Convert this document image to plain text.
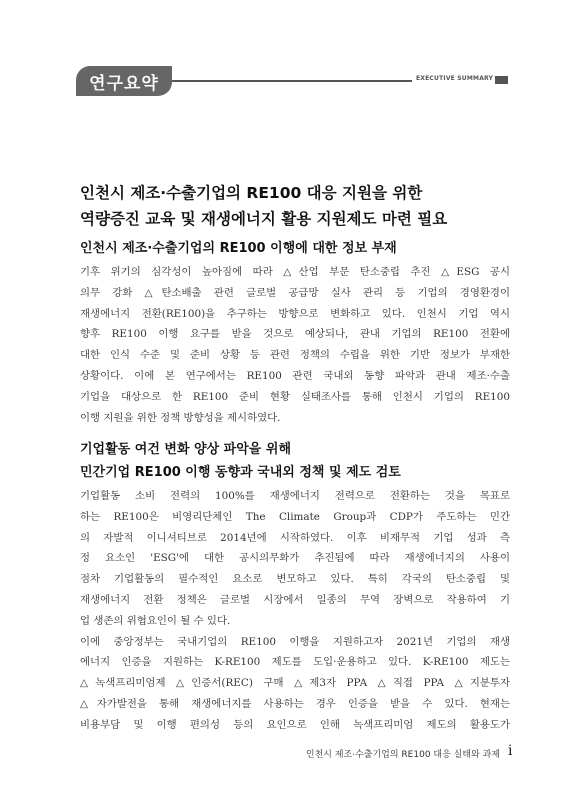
연구요약	EXECUTIVE SUMMARY
인천시 제조·수출기업의 RE100 대응 지원을 위한
역량증진 교육 및 재생에너지 활용 지원제도 마련 필요
인천시 제조·수출기업의 RE100 이행에 대한 정보 부재
기후 위기의 심각성이 높아짐에 따라 △산업 부문 탄소중립 추진 △ESG 공시
의무 강화 △탄소배출 관련 글로벌 공급망 실사 관리 등 기업의 경영환경이
재생에너지 전환(RE100)을 추구하는 방향으로 변화하고 있다. 인천시 기업 역시
향후 RE100 이행 요구를 받을 것으로 예상되나, 관내 기업의 RE100 전환에
대한 인식 수준 및 준비 상황 등 관련 정책의 수립을 위한 기반 정보가 부재한
상황이다. 이에 본 연구에서는 RE100 관련 국내외 동향 파악과 관내 제조·수출
기업을 대상으로 한 RE100 준비 현황 실태조사를 통해 인천시 기업의 RE100
이행 지원을 위한 정책 방향성을 제시하였다.
기업활동 여건 변화 양상 파악을 위해
민간기업 RE100 이행 동향과 국내외 정책 및 제도 검토
기업활동 소비 전력의 100%를 재생에너지 전력으로 전환하는 것을 목표로
하는 RE100은 비영리단체인 The Climate Group과 CDP가 주도하는 민간
의 자발적 이니셔티브로 2014년에 시작하였다. 이후 비재무적 기업 성과 측
정 요소인 'ESG'에 대한 공시의무화가 추진됨에 따라 재생에너지의 사용이
점차 기업활동의 필수적인 요소로 변모하고 있다. 특히 각국의 탄소중립 및
재생에너지 전환 정책은 글로벌 시장에서 일종의 무역 장벽으로 작용하여 기
업 생존의 위협요인이 될 수 있다.
이에 중앙정부는 국내기업의 RE100 이행을 지원하고자 2021년 기업의 재생
에너지 인증을 지원하는 K-RE100 제도를 도입·운용하고 있다. K-RE100 제도는
△녹색프리미엄제 △인증서(REC) 구매 △제3자 PPA △직접 PPA △지분투자
△자가발전을 통해 재생에너지를 사용하는 경우 인증을 받을 수 있다. 현재는
비용부담 및 이행 편의성 등의 요인으로 인해 녹색프리미엄 제도의 활용도가
인천시 제조·수출기업의 RE100 대응 실태와 과제 i
